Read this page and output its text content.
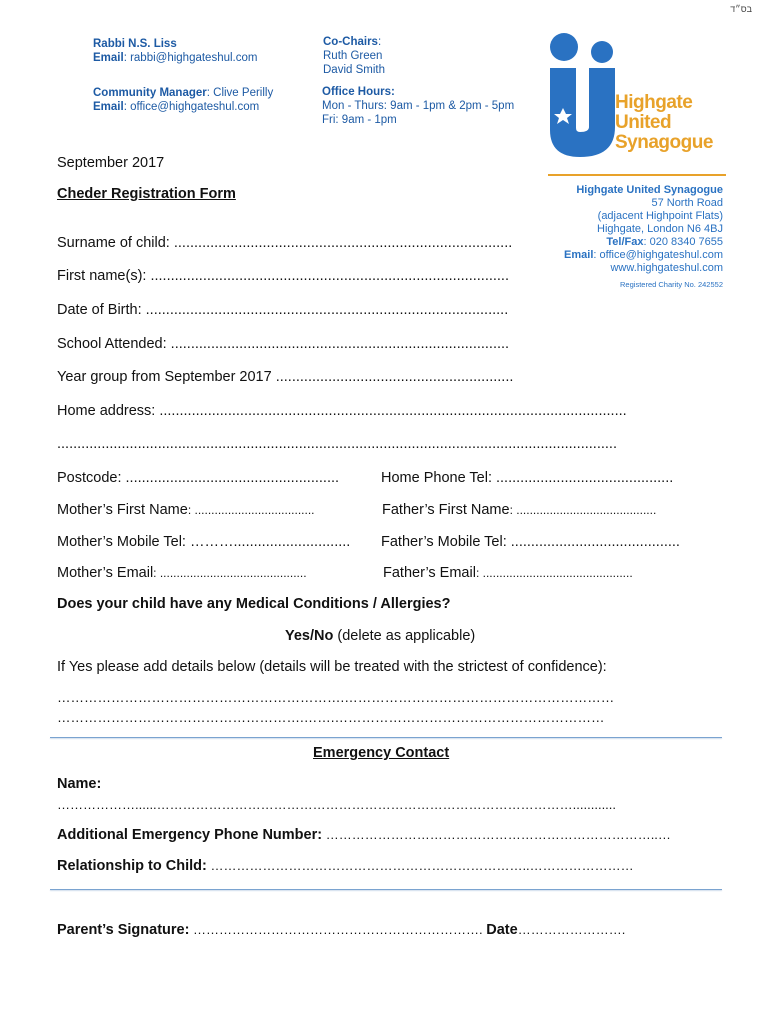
בס״ד
Rabbi N.S. Liss
Email: rabbi@highgateshul.com
Community Manager: Clive Perilly
Email: office@highgateshul.com
Co-Chairs:
Ruth Green
David Smith
Office Hours:
Mon - Thurs: 9am - 1pm & 2pm - 5pm
Fri: 9am - 1pm
Highgate
United
Synagogue
Highgate United Synagogue
57 North Road
(adjacent Highpoint Flats)
Highgate, London N6 4BJ
Tel/Fax: 020 8340 7655
Email: office@highgateshul.com
www.highgateshul.com
Registered Charity No. 242552
September 2017
Cheder Registration Form
Surname of child: ....................................................................................
First name(s): .........................................................................................
Date of Birth: ..........................................................................................
School Attended: ....................................................................................
Year group from September 2017 ...........................................................
Home address: ....................................................................................................................
...........................................................................................................................................
Postcode: .....................................................	Home Phone Tel: ............................................
Mother’s First Name: ....................................	Father’s First Name: ..........................................
Mother’s Mobile Tel: ………............................. Father’s Mobile Tel: ..........................................
Mother’s Email: ............................................	Father’s Email: .............................................
Does your child have any Medical Conditions / Allergies?
Yes/No (delete as applicable)
If Yes please add details below (details will be treated with the strictest of confidence):
……………………………………………………….……………………………………………………
……………………………………………….…….……………………………………………………
Emergency Contact
Name:
………………......……………………………………………………………………………………............
Additional Emergency Phone Number: …………………………………………………………………..…
Relationship to Child: ………………………………………………………………..……………………
Parent’s Signature: …………………………………………………………. Date…………………….
